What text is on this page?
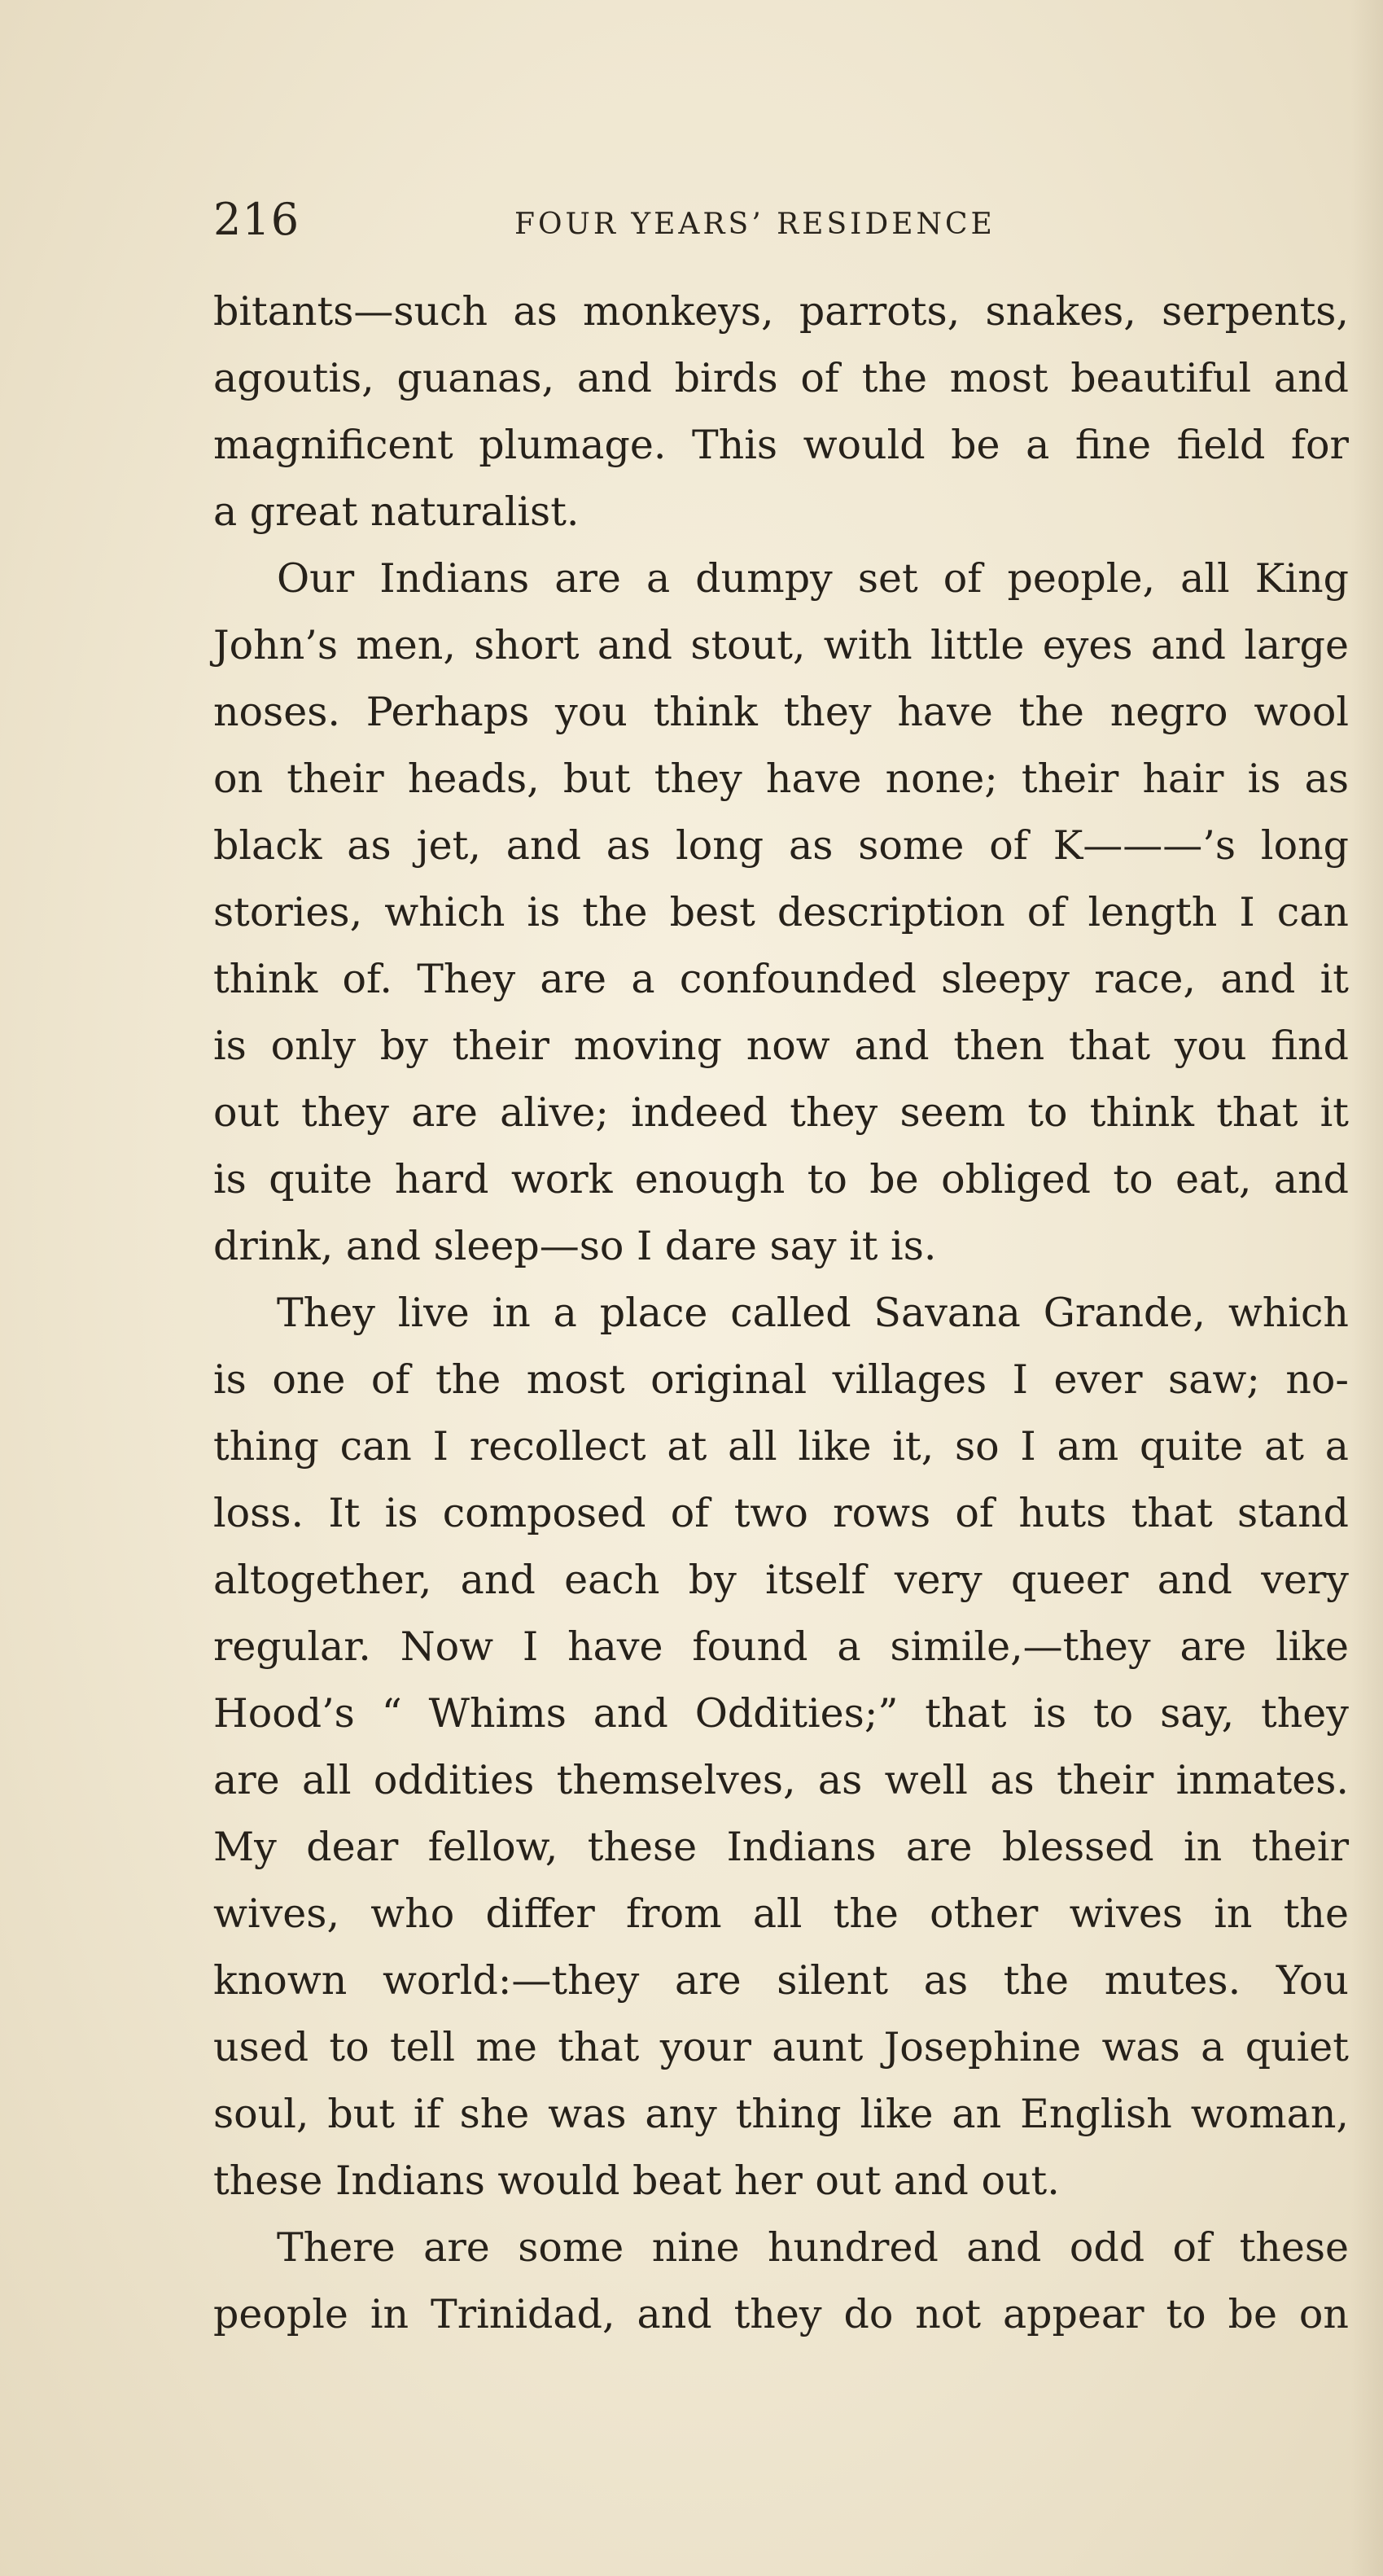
216	FOUR YEARS’ RESIDENCE
bitants—such as monkeys, parrots, snakes, serpents,
agoutis, guanas, and birds of the most beautiful and
magnificent plumage. This would be a fine field for
a great naturalist.
Our Indians are a dumpy set of people, all King
John’s men, short and stout, with little eyes and large
noses. Perhaps you think they have the negro wool
on their heads, but they have none; their hair is as
black as jet, and as long as some of K———’s long
stories, which is the best description of length I can
think of. They are a confounded sleepy race, and it
is only by their moving now and then that you find
out they are alive; indeed they seem to think that it
is quite hard work enough to be obliged to eat, and
drink, and sleep—so I dare say it is.
They live in a place called Savana Grande, which
is one of the most original villages I ever saw; no-
thing can I recollect at all like it, so I am quite at a
loss. It is composed of two rows of huts that stand
altogether, and each by itself very queer and very
regular. Now I have found a simile,—they are like
Hood’s “ Whims and Oddities;” that is to say, they
are all oddities themselves, as well as their inmates.
My dear fellow, these Indians are blessed in their
wives, who differ from all the other wives in the
known world:—they are silent as the mutes. You
used to tell me that your aunt Josephine was a quiet
soul, but if she was any thing like an English woman,
these Indians would beat her out and out.
There are some nine hundred and odd of these
people in Trinidad, and they do not appear to be on
